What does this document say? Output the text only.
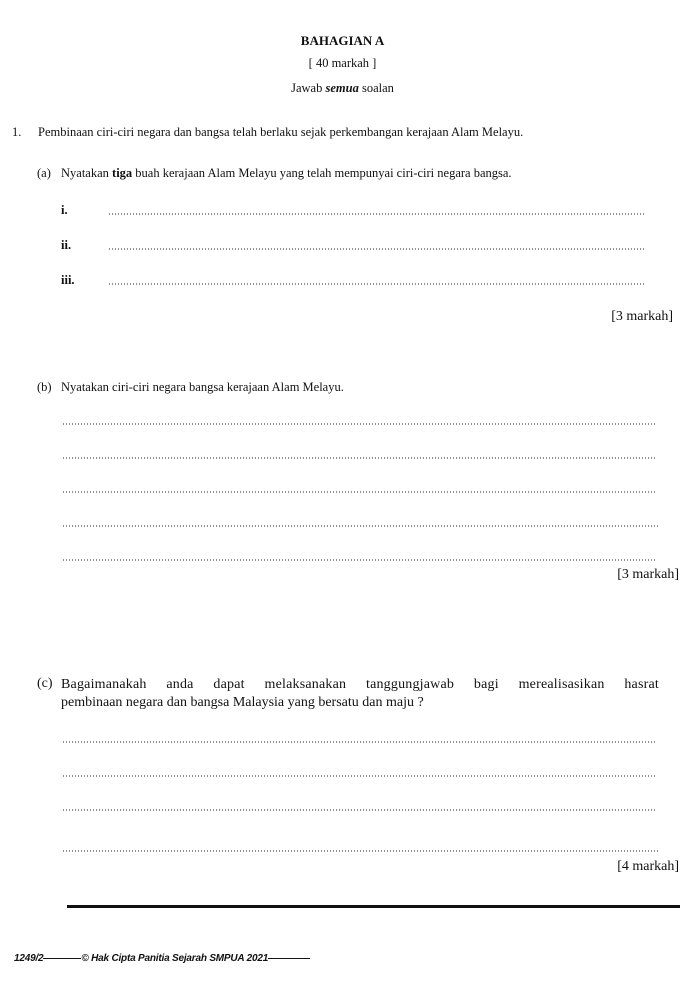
BAHAGIAN A
[ 40 markah ]
Jawab semua soalan
1. Pembinaan ciri-ciri negara dan bangsa telah berlaku sejak perkembangan kerajaan Alam Melayu.
(a) Nyatakan tiga buah kerajaan Alam Melayu yang telah mempunyai ciri-ciri negara bangsa.
i.
ii.
iii.
[3 markah]
(b) Nyatakan ciri-ciri negara bangsa kerajaan Alam Melayu.
[3 markah]
(c) Bagaimanakah anda dapat melaksanakan tanggungjawab bagi merealisasikan hasrat
pembinaan negara dan bangsa Malaysia yang bersatu dan maju ?
[4 markah]
1249/2	© Hak Cipta Panitia Sejarah SMPUA 2021
